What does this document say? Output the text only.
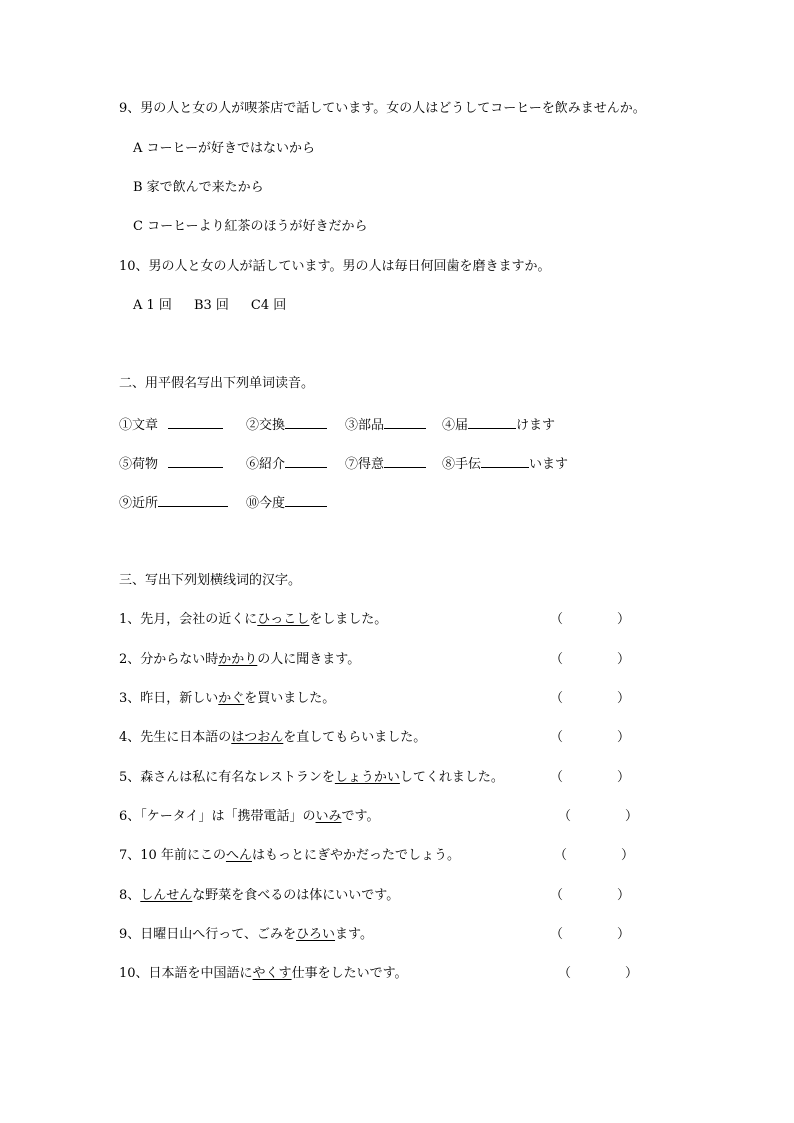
9、男の人と女の人が喫茶店で話しています。女の人はどうしてコーヒーを飲みませんか。
A コーヒーが好きではないから
B 家で飲んで来たから
C コーヒーより紅茶のほうが好きだから
10、男の人と女の人が話しています。男の人は毎日何回歯を磨きますか。
A 1 回 B3 回 C4 回
二、用平假名写出下列单词读音。
①文章	②交換	③部品	④届	けます
⑤荷物	⑥紹介	⑦得意	⑧手伝	います
⑨近所	⑩今度
三、写出下列划横线词的汉字。
1、先月，会社の近くにひっこしをしました。	（	）
2、分からない時かかりの人に聞きます。	（	）
3、昨日，新しいかぐを買いました。	（	）
4、先生に日本語のはつおんを直してもらいました。	（	）
5、森さんは私に有名なレストランをしょうかいしてくれました。	（	）
6、「ケータイ」は「携帯電話」のいみです。	（	）
7、10 年前にこのへんはもっとにぎやかだったでしょう。	（	）
8、しんせんな野菜を食べるのは体にいいです。	（	）
9、日曜日山へ行って、ごみをひろいます。	（	）
10、日本語を中国語にやくす仕事をしたいです。	（	）
